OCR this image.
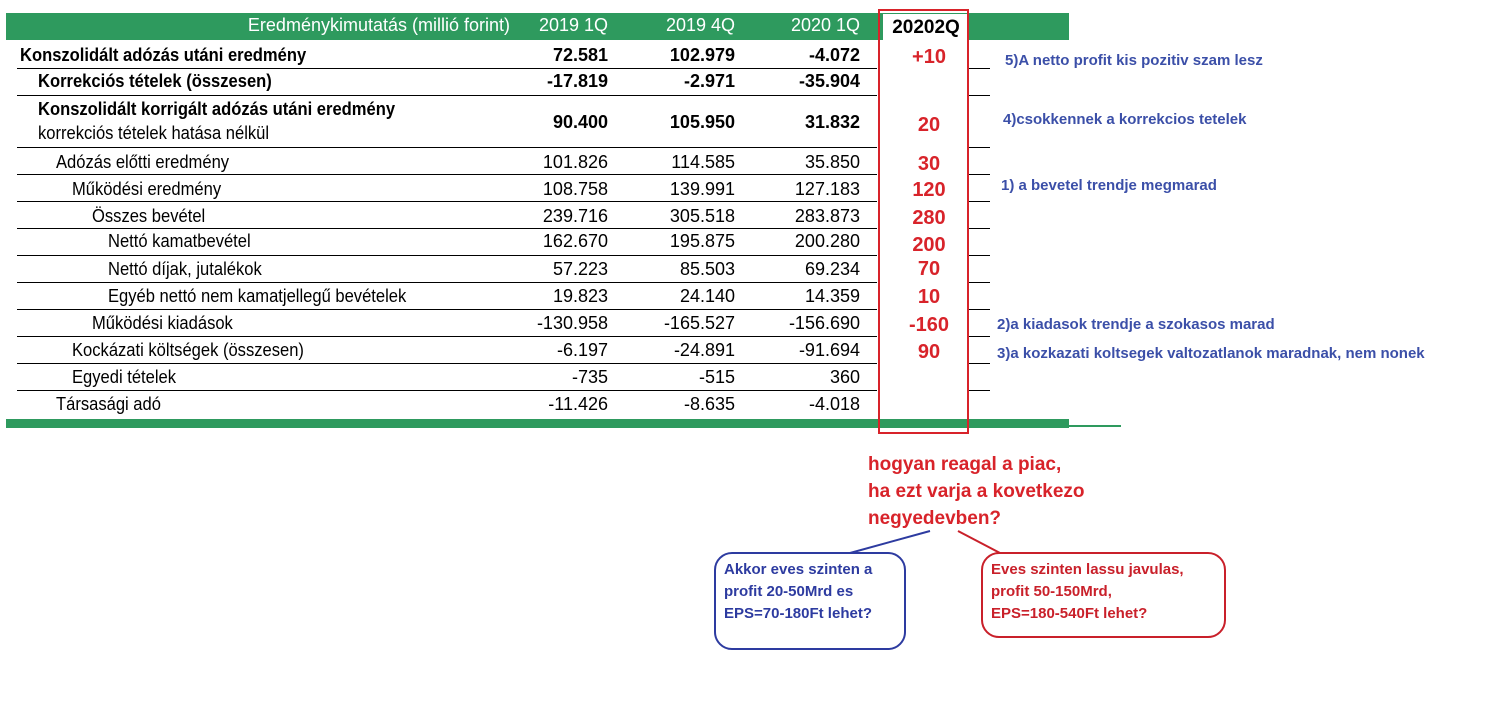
Eredménykimutatás (millió forint)	2019 1Q	2019 4Q	2020 1Q	20202Q
Konszolidált adózás utáni eredmény	72.581	102.979	-4.072	+10
Korrekciós tételek (összesen)	-17.819	-2.971	-35.904
Konszolidált korrigált adózás utáni eredmény
korrekciós tételek hatása nélkül
90.400	105.950	31.832	20
Adózás előtti eredmény	101.826	114.585	35.850	30
Működési eredmény	108.758	139.991	127.183	120
Összes bevétel	239.716	305.518	283.873	280
Nettó kamatbevétel	162.670	195.875	200.280	200
Nettó díjak, jutalékok	57.223	85.503	69.234	70
Egyéb nettó nem kamatjellegű bevételek	19.823	24.140	14.359	10
Működési kiadások	-130.958	-165.527	-156.690	-160
Kockázati költségek (összesen)	-6.197	-24.891	-91.694	90
Egyedi tételek	-735	-515	360
Társasági adó	-11.426	-8.635	-4.018
5)A netto profit kis pozitiv szam lesz
4)csokkennek a korrekcios tetelek
1) a bevetel trendje megmarad
2)a kiadasok trendje a szokasos marad
3)a kozkazati koltsegek valtozatlanok maradnak, nem nonek
hogyan reagal a piac,
ha ezt varja a kovetkezo
negyedevben?
Akkor eves szinten a
profit 20-50Mrd es
EPS=70-180Ft lehet?
Eves szinten lassu javulas,
profit 50-150Mrd,
EPS=180-540Ft lehet?
